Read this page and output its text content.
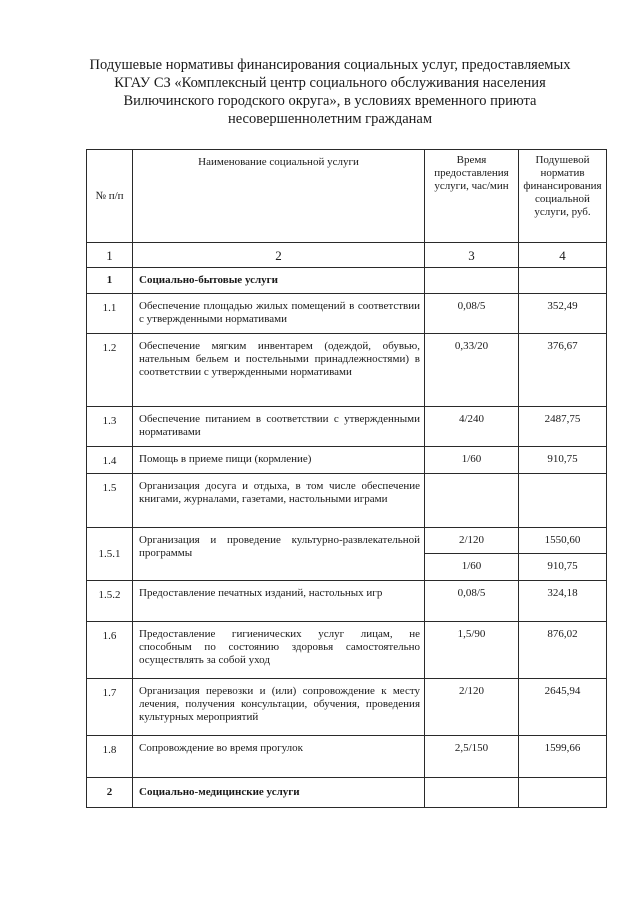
Подушевые нормативы финансирования социальных услуг, предоставляемых
КГАУ СЗ «Комплексный центр социального обслуживания населения
Вилючинского городского округа», в условиях временного приюта
несовершеннолетним гражданам
№ п/п	Наименование социальной услуги	Время предоставления услуги, час/мин	Подушевой норматив финансирования социальной услуги, руб.
1	2	3	4
1	Социально-бытовые услуги		
1.1	Обеспечение площадью жилых помещений в соответствии с утвержденными нормативами	0,08/5	352,49
1.2	Обеспечение мягким инвентарем (одеждой, обувью, нательным бельем и постельными принадлежностями) в соответствии с утвержденными нормативами	0,33/20	376,67
1.3	Обеспечение питанием в соответствии с утвержденными нормативами	4/240	2487,75
1.4	Помощь в приеме пищи (кормление)	1/60	910,75
1.5	Организация досуга и отдыха, в том числе обеспечение книгами, журналами, газетами, настольными играми		
1.5.1	Организация и проведение культурно-развлекательной программы	2/120	1550,60
		1/60	910,75
1.5.2	Предоставление печатных изданий, настольных игр	0,08/5	324,18
1.6	Предоставление гигиенических услуг лицам, не способным по состоянию здоровья самостоятельно осуществлять за собой уход	1,5/90	876,02
1.7	Организация перевозки и (или) сопровождение к месту лечения, получения консультации, обучения, проведения культурных мероприятий	2/120	2645,94
1.8	Сопровождение во время прогулок	2,5/150	1599,66
2	Социально-медицинские услуги		
